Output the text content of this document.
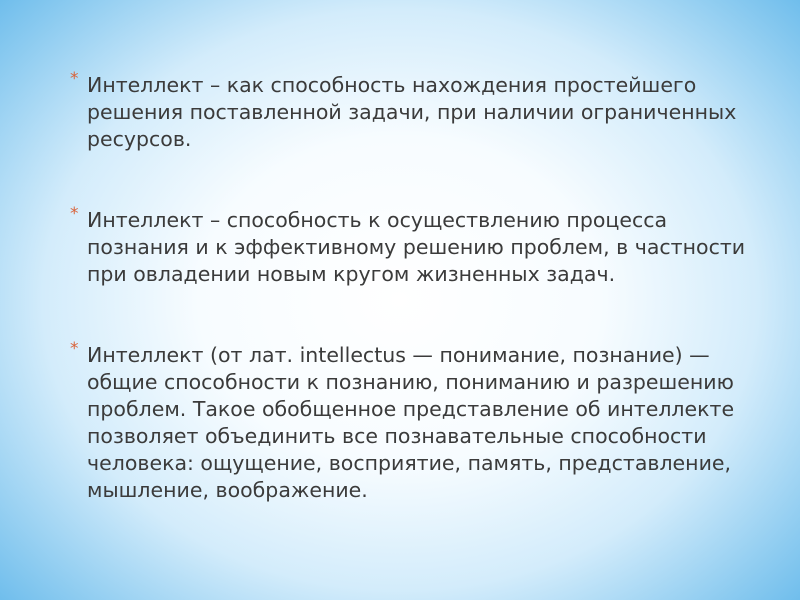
* Интеллект – как способность нахождения простейшего решения поставленной задачи, при наличии ограниченных ресурсов.
* Интеллект – способность к осуществлению процесса познания и к эффективному решению проблем, в частности при овладении новым кругом жизненных задач.
* Интеллект (от лат. intellectus — понимание, познание) — общие способности к познанию, пониманию и разрешению проблем. Такое обобщенное представление об интеллекте позволяет объединить все познавательные способности человека: ощущение, восприятие, память, представление, мышление, воображение.
